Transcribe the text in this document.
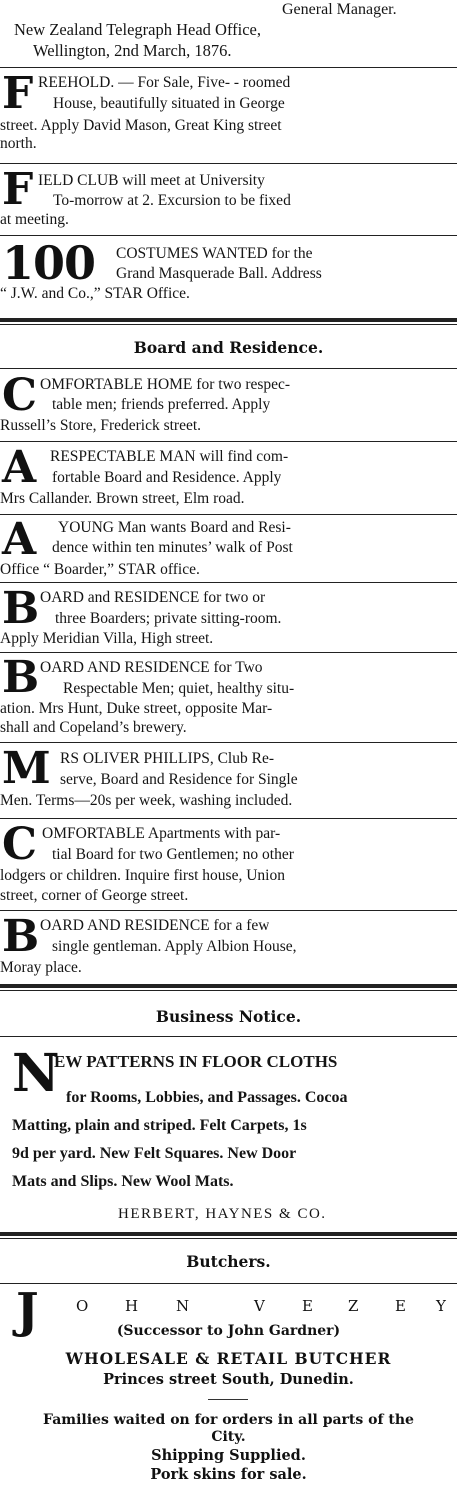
General Manager.
New Zealand Telegraph Head Office,
Wellington, 2nd March, 1876.
F REEHOLD. — For Sale, Five- - roomed
House, beautifully situated in George
street. Apply David Mason, Great King street
north.
F IELD CLUB will meet at University
To-morrow at 2. Excursion to be fixed
at meeting.
100 COSTUMES WANTED for the
Grand Masquerade Ball. Address
“ J.W. and Co.,” STAR Office.
Board and Residence.
C OMFORTABLE HOME for two respec-
table men; friends preferred. Apply
Russell’s Store, Frederick street.
A RESPECTABLE MAN will find com-
fortable Board and Residence. Apply
Mrs Callander. Brown street, Elm road.
A YOUNG Man wants Board and Resi-
dence within ten minutes’ walk of Post
Office “ Boarder,” STAR office.
B OARD and RESIDENCE for two or
three Boarders; private sitting-room.
Apply Meridian Villa, High street.
B OARD AND RESIDENCE for Two
Respectable Men; quiet, healthy situ-
ation. Mrs Hunt, Duke street, opposite Mar-
shall and Copeland’s brewery.
M RS OLIVER PHILLIPS, Club Re-
serve, Board and Residence for Single
Men. Terms—20s per week, washing included.
C OMFORTABLE Apartments with par-
tial Board for two Gentlemen; no other
lodgers or children. Inquire first house, Union
street, corner of George street.
B OARD AND RESIDENCE for a few
single gentleman. Apply Albion House,
Moray place.
Business Notice.
N
EW PATTERNS IN FLOOR CLOTHS
for Rooms, Lobbies, and Passages. Cocoa
Matting, plain and striped. Felt Carpets, 1s
9d per yard. New Felt Squares. New Door
Mats and Slips. New Wool Mats.
HERBERT, HAYNES & CO.
Butchers.
J O H	N	V E Z E Y
(Successor to John Gardner)
WHOLESALE & RETAIL BUTCHER
Princes street South, Dunedin.
Families waited on for orders in all parts of the
City.
Shipping Supplied.
Pork skins for sale.
